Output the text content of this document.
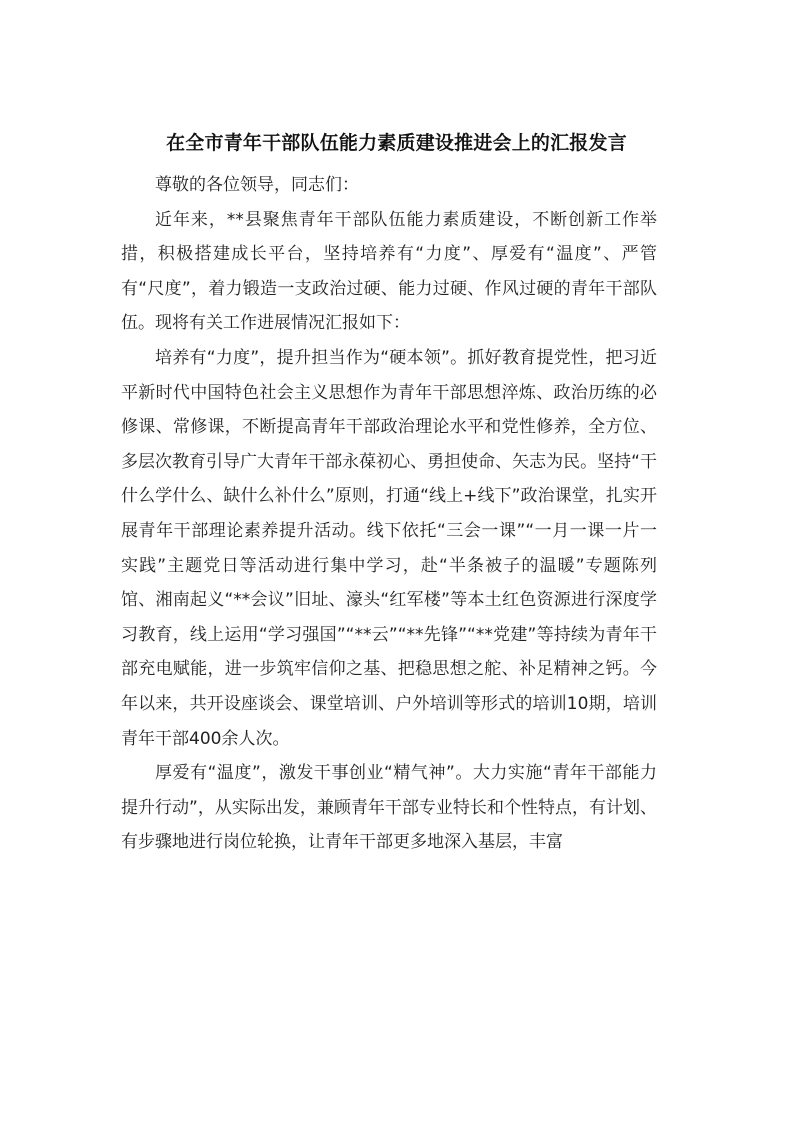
在全市青年干部队伍能力素质建设推进会上的汇报发言

尊敬的各位领导，同志们：

近年来，**县聚焦青年干部队伍能力素质建设，不断创新工作举措，积极搭建成长平台，坚持培养有“力度”、厚爱有“温度”、严管有“尺度”，着力锻造一支政治过硬、能力过硬、作风过硬的青年干部队伍。现将有关工作进展情况汇报如下：

培养有“力度”，提升担当作为“硬本领”。抓好教育提党性，把习近平新时代中国特色社会主义思想作为青年干部思想淬炼、政治历练的必修课、常修课，不断提高青年干部政治理论水平和党性修养，全方位、多层次教育引导广大青年干部永葆初心、勇担使命、矢志为民。坚持“干什么学什么、缺什么补什么”原则，打通“线上+线下”政治课堂，扎实开展青年干部理论素养提升活动。线下依托“三会一课”“一月一课一片一实践”主题党日等活动进行集中学习，赴“半条被子的温暖”专题陈列馆、湘南起义“**会议”旧址、濠头“红军楼”等本土红色资源进行深度学习教育，线上运用“学习强国”“**云”“**先锋”“**党建”等持续为青年干部充电赋能，进一步筑牢信仰之基、把稳思想之舵、补足精神之钙。今年以来，共开设座谈会、课堂培训、户外培训等形式的培训10期，培训青年干部400余人次。

厚爱有“温度”，激发干事创业“精气神”。大力实施“青年干部能力提升行动”，从实际出发，兼顾青年干部专业特长和个性特点，有计划、有步骤地进行岗位轮换，让青年干部更多地深入基层，丰富
